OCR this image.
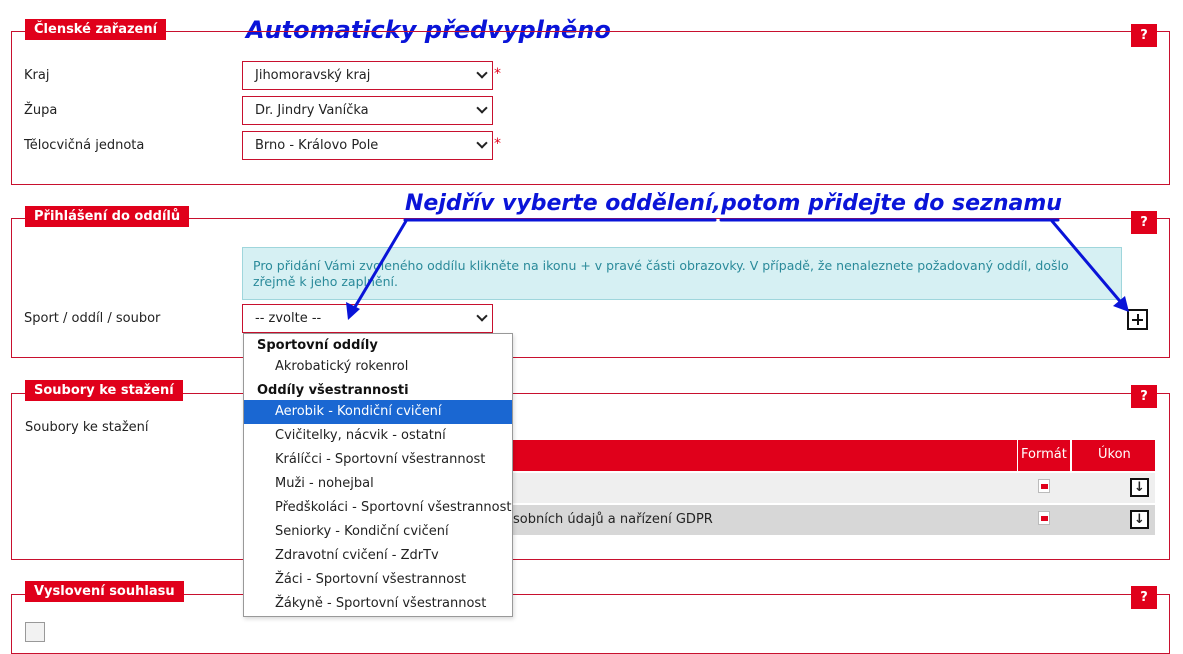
Automaticky předvyplněno
Členské zařazení	?
Kraj	Jihomoravský kraj	*
Župa	Dr. Jindry Vaníčka
Tělocvičná jednota	Brno - Královo Pole	*
Přihlášení do oddílů	?
Nejdřív vyberte oddělení, potom přidejte do seznamu
Pro přidání Vámi zvoleného oddílu klikněte na ikonu + v pravé části obrazovky. V případě, že nenaleznete požadovaný oddíl, došlo zřejmě k jeho zaplnění.
Sport / oddíl / soubor	-- zvolte --
Soubory ke stažení	?
Soubory ke stažení
Formát Úkon
↓
sobních údajů a nařízení GDPR	↓
Vyslovení souhlasu	?
Sportovní oddíly
Akrobatický rokenrol
Oddíly všestrannosti
Aerobik - Kondiční cvičení
Cvičitelky, nácvik - ostatní
Králíčci - Sportovní všestrannost
Muži - nohejbal
Předškoláci - Sportovní všestrannost
Seniorky - Kondiční cvičení
Zdravotní cvičení - ZdrTv
Žáci - Sportovní všestrannost
Žákyně - Sportovní všestrannost
